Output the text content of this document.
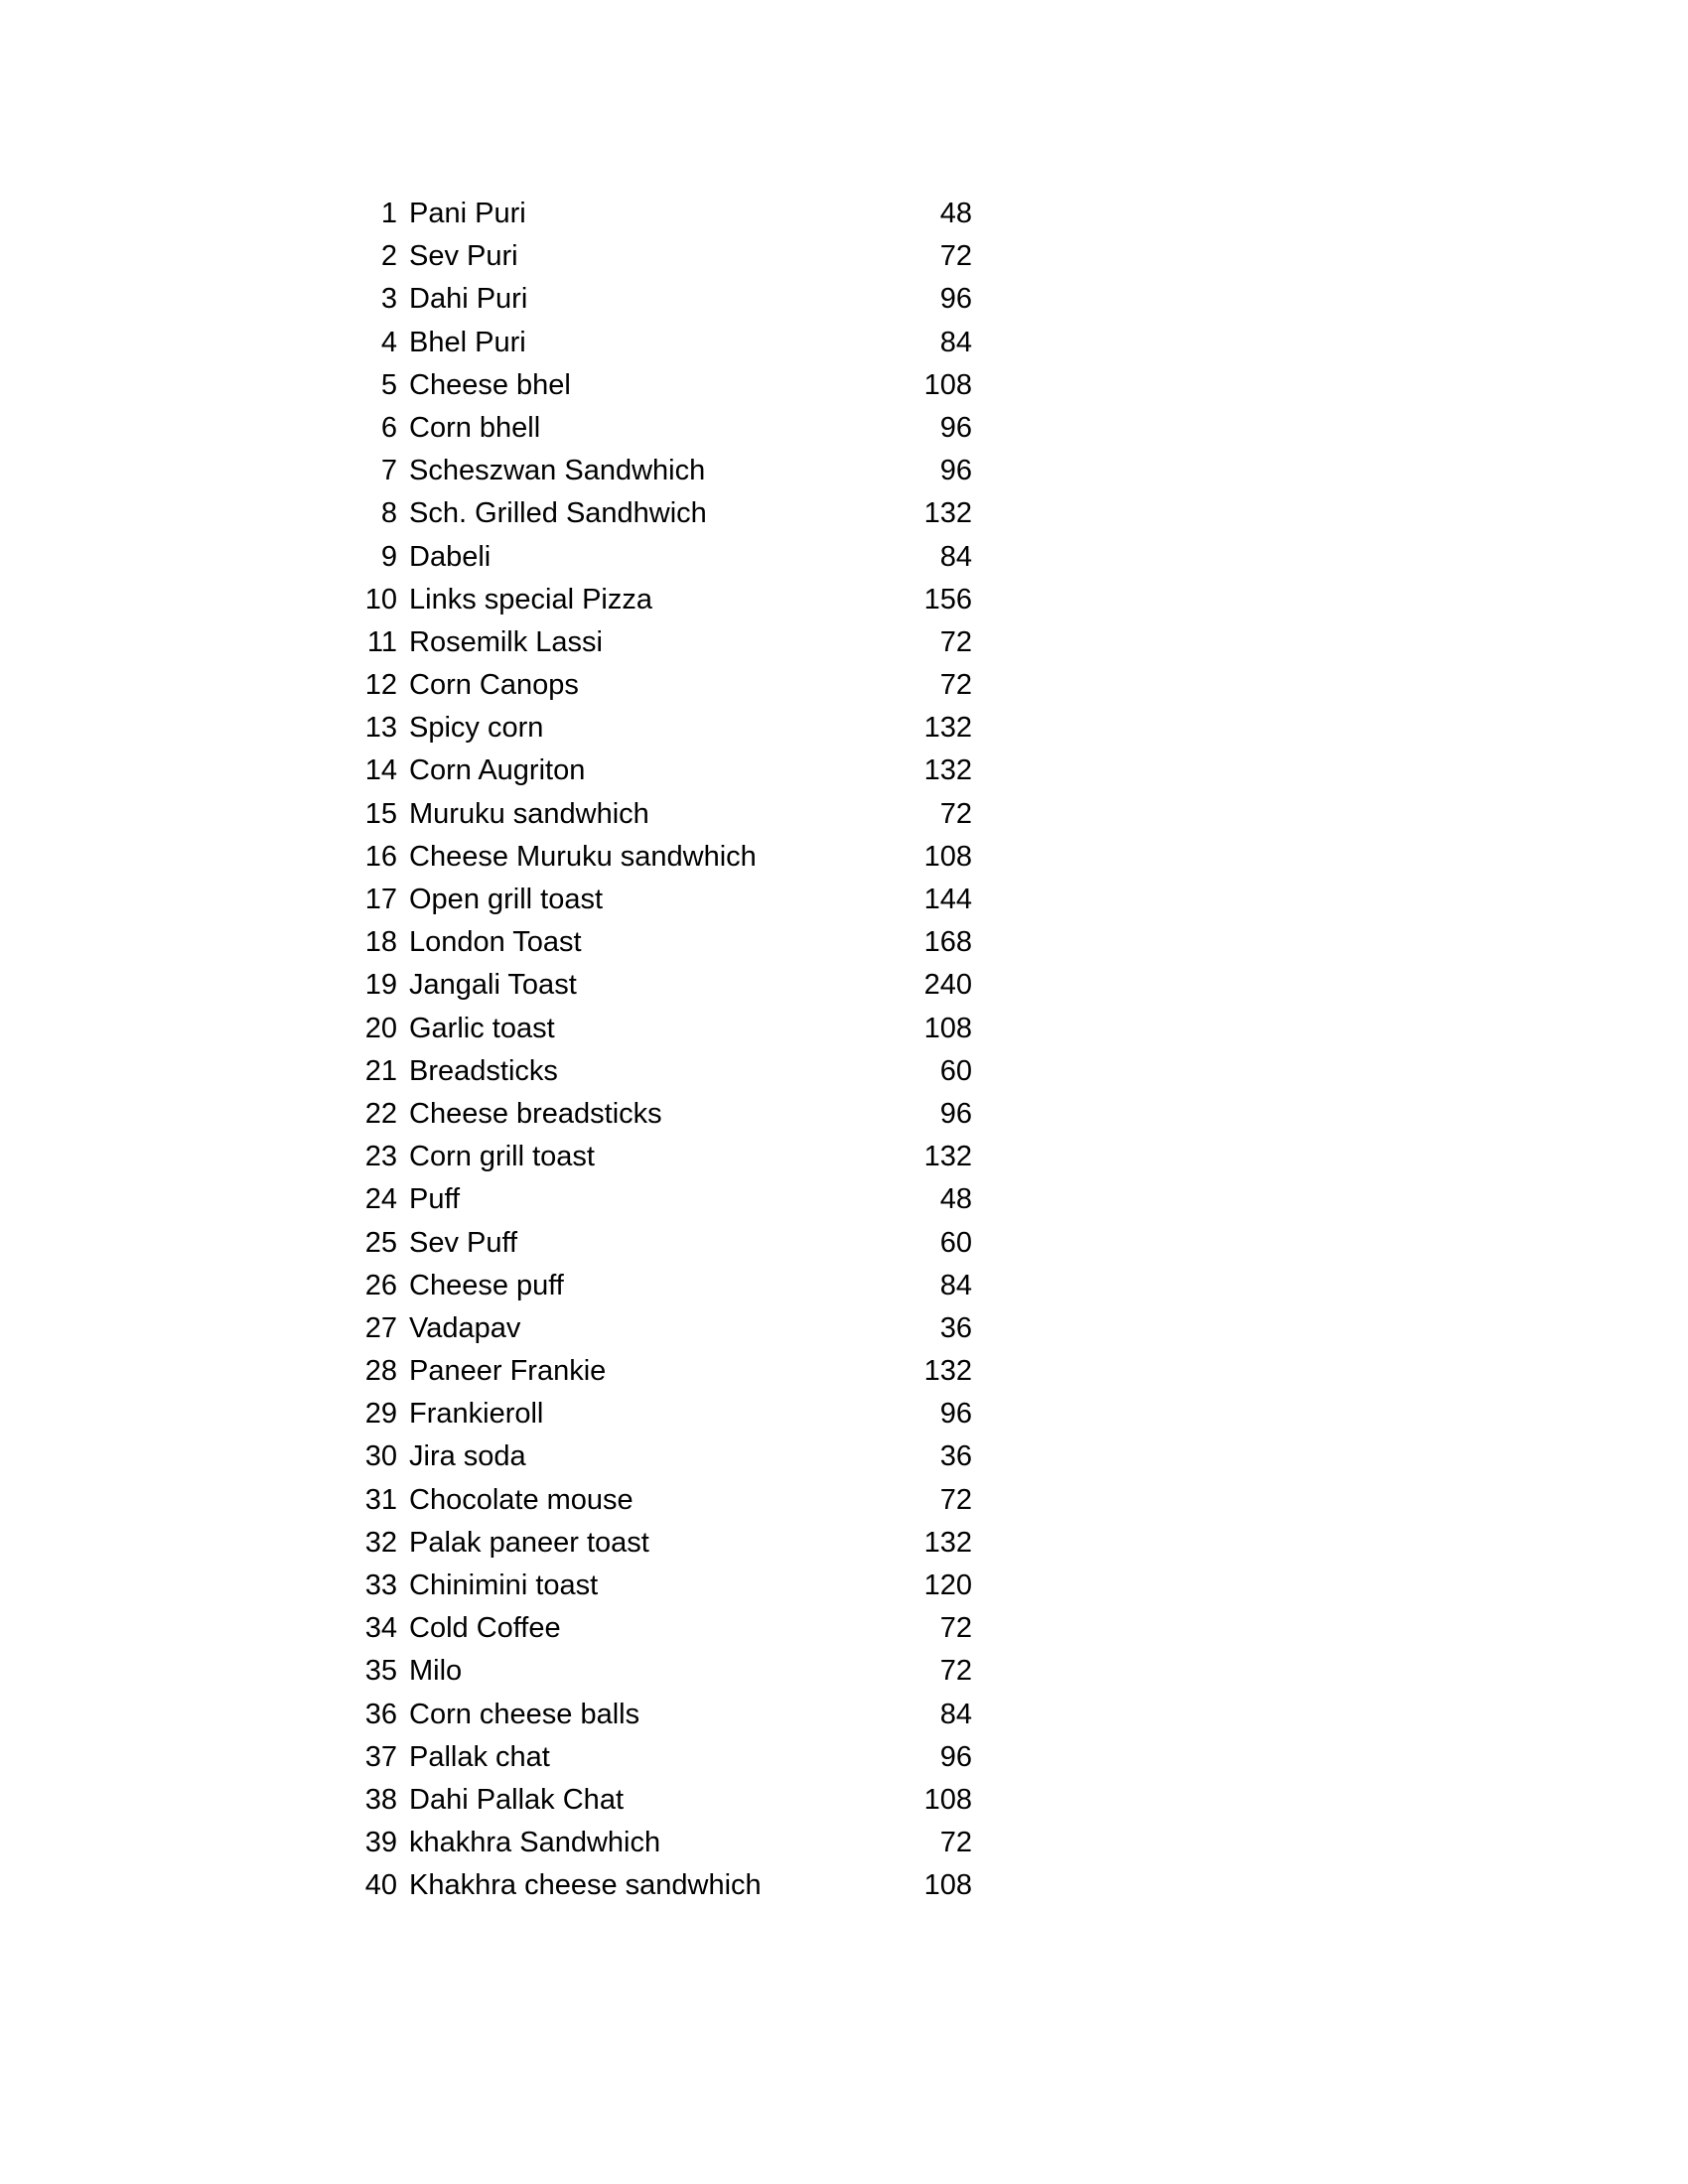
1 Pani Puri	48
2 Sev Puri	72
3 Dahi Puri	96
4 Bhel Puri	84
5 Cheese bhel	108
6 Corn bhell	96
7 Scheszwan Sandwhich	96
8 Sch. Grilled Sandhwich	132
9 Dabeli	84
10 Links special Pizza	156
11 Rosemilk Lassi	72
12 Corn Canops	72
13 Spicy corn	132
14 Corn Augriton	132
15 Muruku sandwhich	72
16 Cheese Muruku sandwhich	108
17 Open grill toast	144
18 London Toast	168
19 Jangali Toast	240
20 Garlic toast	108
21 Breadsticks	60
22 Cheese breadsticks	96
23 Corn grill toast	132
24 Puff	48
25 Sev Puff	60
26 Cheese puff	84
27 Vadapav	36
28 Paneer Frankie	132
29 Frankieroll	96
30 Jira soda	36
31 Chocolate mouse	72
32 Palak paneer toast	132
33 Chinimini toast	120
34 Cold Coffee	72
35 Milo	72
36 Corn cheese balls	84
37 Pallak chat	96
38 Dahi Pallak Chat	108
39 khakhra Sandwhich	72
40 Khakhra cheese sandwhich	108
